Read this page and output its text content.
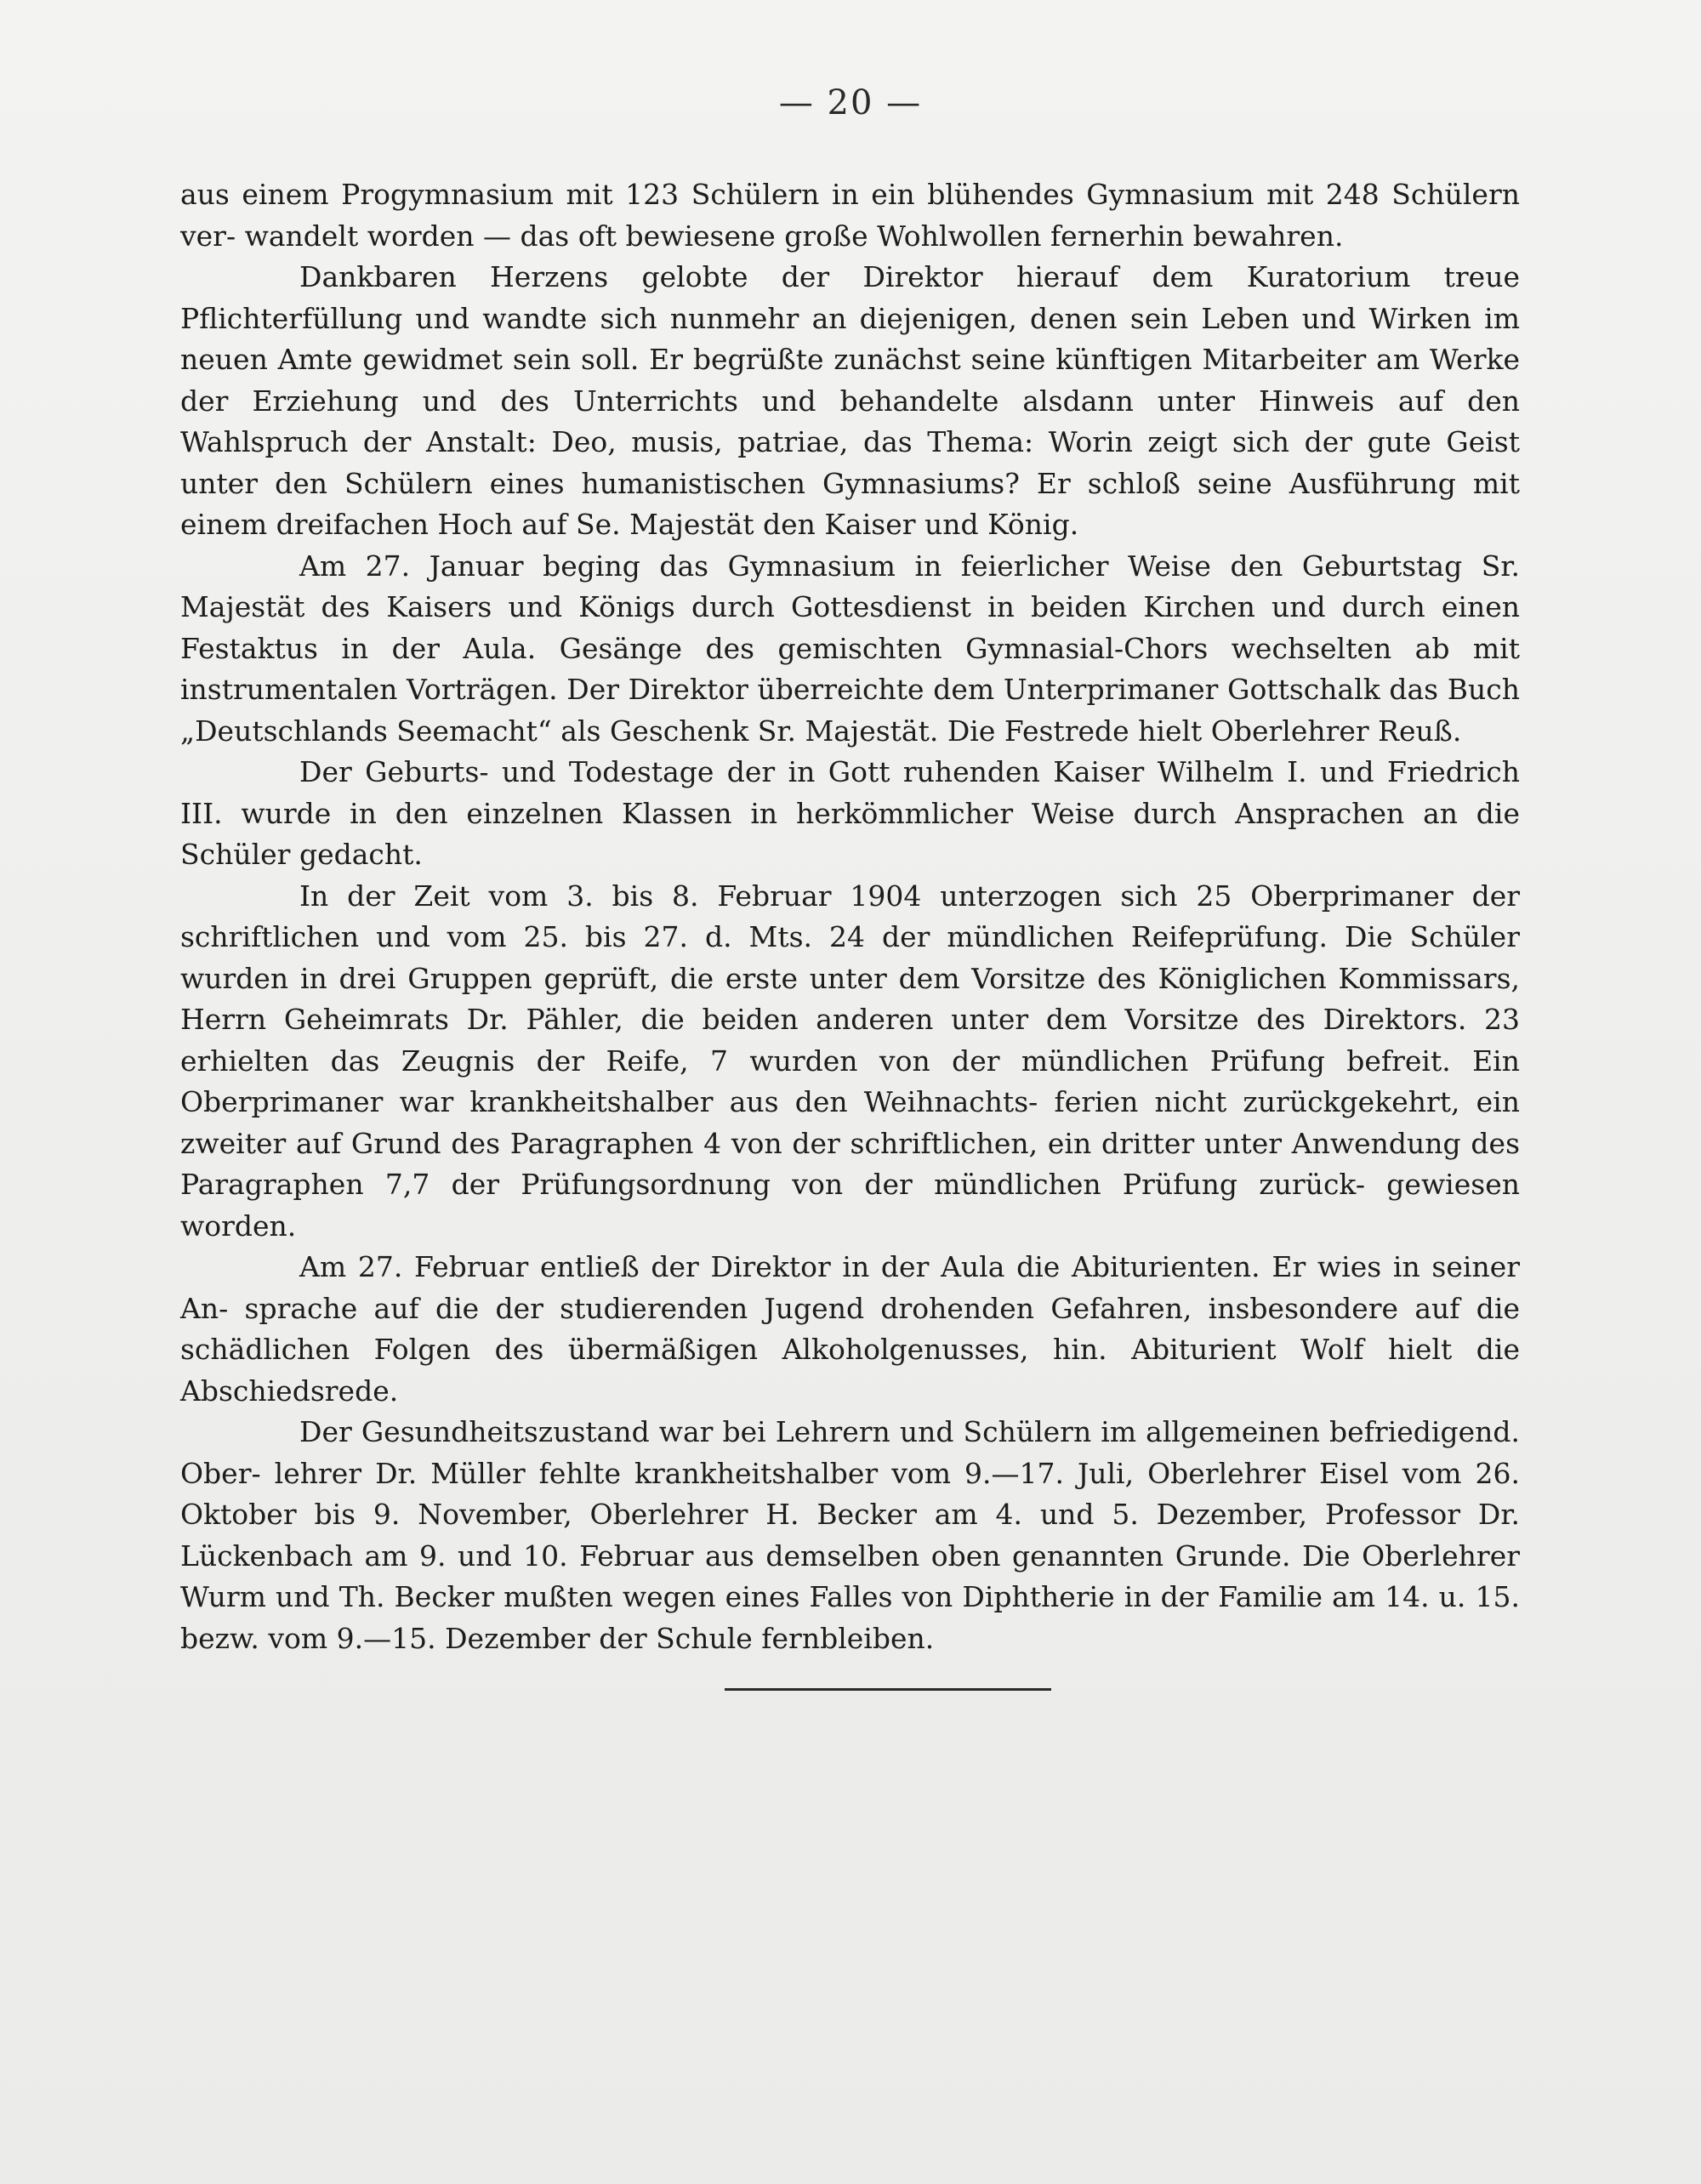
— 20 —

aus einem Progymnasium mit 123 Schülern in ein blühendes Gymnasium mit 248 Schülern ver- wandelt worden — das oft bewiesene große Wohlwollen fernerhin bewahren.

Dankbaren Herzens gelobte der Direktor hierauf dem Kuratorium treue Pflichterfüllung und wandte sich nunmehr an diejenigen, denen sein Leben und Wirken im neuen Amte gewidmet sein soll. Er begrüßte zunächst seine künftigen Mitarbeiter am Werke der Erziehung und des Unterrichts und behandelte alsdann unter Hinweis auf den Wahlspruch der Anstalt: Deo, musis, patriae, das Thema: Worin zeigt sich der gute Geist unter den Schülern eines humanistischen Gymnasiums? Er schloß seine Ausführung mit einem dreifachen Hoch auf Se. Majestät den Kaiser und König.

Am 27. Januar beging das Gymnasium in feierlicher Weise den Geburtstag Sr. Majestät des Kaisers und Königs durch Gottesdienst in beiden Kirchen und durch einen Festaktus in der Aula. Gesänge des gemischten Gymnasial-Chors wechselten ab mit instrumentalen Vorträgen. Der Direktor überreichte dem Unterprimaner Gottschalk das Buch „Deutschlands Seemacht“ als Geschenk Sr. Majestät. Die Festrede hielt Oberlehrer Reuß.

Der Geburts- und Todestage der in Gott ruhenden Kaiser Wilhelm I. und Friedrich III. wurde in den einzelnen Klassen in herkömmlicher Weise durch Ansprachen an die Schüler gedacht.

In der Zeit vom 3. bis 8. Februar 1904 unterzogen sich 25 Oberprimaner der schriftlichen und vom 25. bis 27. d. Mts. 24 der mündlichen Reifeprüfung. Die Schüler wurden in drei Gruppen geprüft, die erste unter dem Vorsitze des Königlichen Kommissars, Herrn Geheimrats Dr. Pähler, die beiden anderen unter dem Vorsitze des Direktors. 23 erhielten das Zeugnis der Reife, 7 wurden von der mündlichen Prüfung befreit. Ein Oberprimaner war krankheitshalber aus den Weihnachts- ferien nicht zurückgekehrt, ein zweiter auf Grund des Paragraphen 4 von der schriftlichen, ein dritter unter Anwendung des Paragraphen 7,7 der Prüfungsordnung von der mündlichen Prüfung zurück- gewiesen worden.

Am 27. Februar entließ der Direktor in der Aula die Abiturienten. Er wies in seiner An- sprache auf die der studierenden Jugend drohenden Gefahren, insbesondere auf die schädlichen Folgen des übermäßigen Alkoholgenusses, hin. Abiturient Wolf hielt die Abschiedsrede.

Der Gesundheitszustand war bei Lehrern und Schülern im allgemeinen befriedigend. Ober- lehrer Dr. Müller fehlte krankheitshalber vom 9.—17. Juli, Oberlehrer Eisel vom 26. Oktober bis 9. November, Oberlehrer H. Becker am 4. und 5. Dezember, Professor Dr. Lückenbach am 9. und 10. Februar aus demselben oben genannten Grunde. Die Oberlehrer Wurm und Th. Becker mußten wegen eines Falles von Diphtherie in der Familie am 14. u. 15. bezw. vom 9.—15. Dezember der Schule fernbleiben.
